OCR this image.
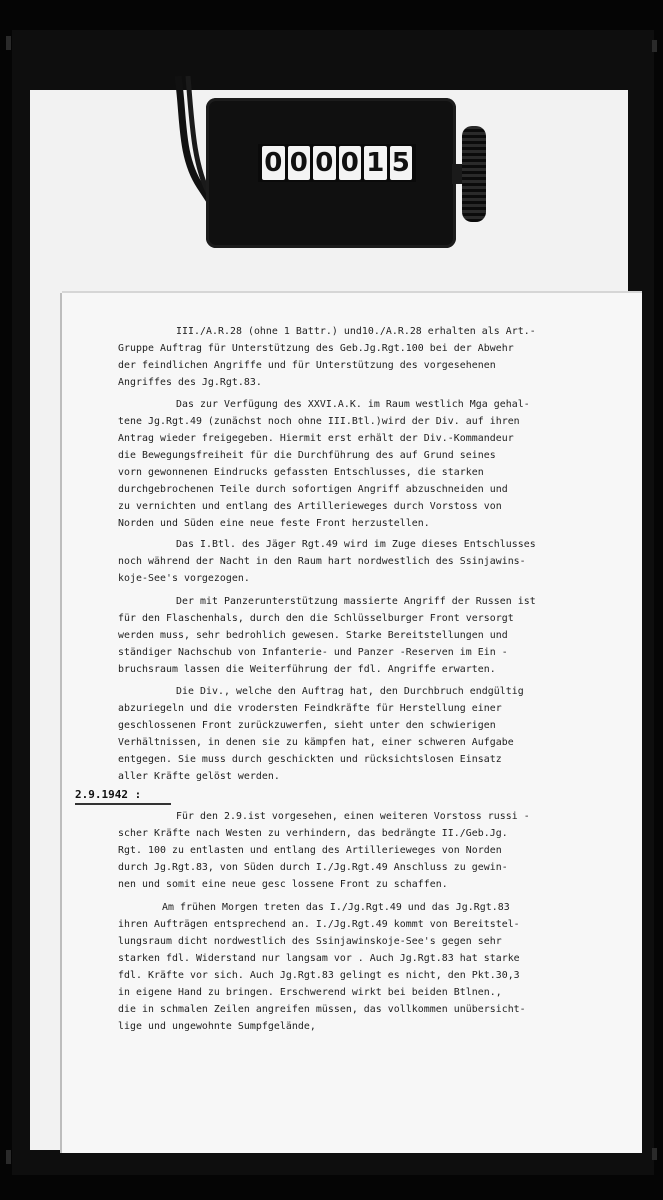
0 0 0 0 1 5
III./A.R.28 (ohne 1 Battr.) und10./A.R.28 erhalten als Art.-
Gruppe Auftrag für Unterstützung des Geb.Jg.Rgt.100 bei der Abwehr
der feindlichen Angriffe und für Unterstützung des vorgesehenen
Angriffes des Jg.Rgt.83.
Das zur Verfügung des XXVI.A.K. im Raum westlich Mga gehal-
tene Jg.Rgt.49 (zunächst noch ohne III.Btl.)wird der Div. auf ihren
Antrag wieder freigegeben. Hiermit erst erhält der Div.-Kommandeur
die Bewegungsfreiheit für die Durchführung des auf Grund seines
vorn gewonnenen Eindrucks gefassten Entschlusses, die starken
durchgebrochenen Teile durch sofortigen Angriff abzuschneiden und
zu vernichten und entlang des Artillerieweges durch Vorstoss von
Norden und Süden eine neue feste Front herzustellen.
Das I.Btl. des Jäger Rgt.49 wird im Zuge dieses Entschlusses
noch während der Nacht in den Raum hart nordwestlich des Ssinjawins-
koje-See's vorgezogen.
Der mit Panzerunterstützung massierte Angriff der Russen ist
für den Flaschenhals, durch den die Schlüsselburger Front versorgt
werden muss, sehr bedrohlich gewesen. Starke Bereitstellungen und
ständiger Nachschub von Infanterie- und Panzer -Reserven im Ein -
bruchsraum lassen die Weiterführung der fdl. Angriffe erwarten.
Die Div., welche den Auftrag hat, den Durchbruch endgültig
abzuriegeln und die vrodersten Feindkräfte für Herstellung einer
geschlossenen Front zurückzuwerfen, sieht unter den schwierigen
Verhältnissen, in denen sie zu kämpfen hat, einer schweren Aufgabe
entgegen. Sie muss durch geschickten und rücksichtslosen Einsatz
aller Kräfte gelöst werden.
2.9.1942 :
Für den 2.9.ist vorgesehen, einen weiteren Vorstoss russi -
scher Kräfte nach Westen zu verhindern, das bedrängte II./Geb.Jg.
Rgt. 100 zu entlasten und entlang des Artillerieweges von Norden
durch Jg.Rgt.83, von Süden durch I./Jg.Rgt.49 Anschluss zu gewin-
nen und somit eine neue gesc lossene Front zu schaffen.
Am frühen Morgen treten das I./Jg.Rgt.49 und das Jg.Rgt.83
ihren Aufträgen entsprechend an. I./Jg.Rgt.49 kommt von Bereitstel-
lungsraum dicht nordwestlich des Ssinjawinskoje-See's gegen sehr
starken fdl. Widerstand nur langsam vor . Auch Jg.Rgt.83 hat starke
fdl. Kräfte vor sich. Auch Jg.Rgt.83 gelingt es nicht, den Pkt.30,3
in eigene Hand zu bringen. Erschwerend wirkt bei beiden Btlnen.,
die in schmalen Zeilen angreifen müssen, das vollkommen unübersicht-
lige und ungewohnte Sumpfgelände,
